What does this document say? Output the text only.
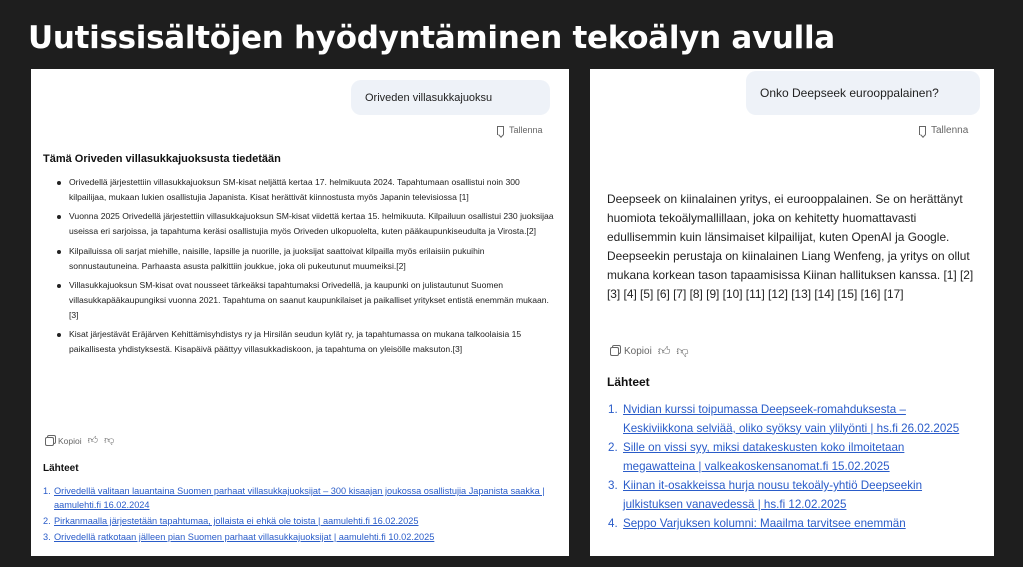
Uutissisältöjen hyödyntäminen tekoälyn avulla
Oriveden villasukkajuoksu
Tallenna
Tämä Oriveden villasukkajuoksusta tiedetään
Orivedellä järjestettiin villasukkajuoksun SM-kisat neljättä kertaa 17. helmikuuta 2024. Tapahtumaan osallistui noin 300 kilpailijaa, mukaan lukien osallistujia Japanista. Kisat herättivät kiinnostusta myös Japanin televisiossa [1]
Vuonna 2025 Orivedellä järjestettiin villasukkajuoksun SM-kisat viidettä kertaa 15. helmikuuta. Kilpailuun osallistui 230 juoksijaa useissa eri sarjoissa, ja tapahtuma keräsi osallistujia myös Oriveden ulkopuolelta, kuten pääkaupunkiseudulta ja Virosta.[2]
Kilpailuissa oli sarjat miehille, naisille, lapsille ja nuorille, ja juoksijat saattoivat kilpailla myös erilaisiin pukuihin sonnustautuneina. Parhaasta asusta palkittiin joukkue, joka oli pukeutunut muumeiksi.[2]
Villasukkajuoksun SM-kisat ovat nousseet tärkeäksi tapahtumaksi Orivedellä, ja kaupunki on julistautunut Suomen villasukkapääkaupungiksi vuonna 2021. Tapahtuma on saanut kaupunkilaiset ja paikalliset yritykset entistä enemmän mukaan.[3]
Kisat järjestävät Eräjärven Kehittämisyhdistys ry ja Hirsilän seudun kylät ry, ja tapahtumassa on mukana talkoolaisia 15 paikallisesta yhdistyksestä. Kisapäivä päättyy villasukkadiskoon, ja tapahtuma on yleisölle maksuton.[3]
Kopioi 👍︎ 👎︎
Lähteet
1. Orivedellä valitaan lauantaina Suomen parhaat villasukkajuoksijat – 300 kisaajan joukossa osallistujia Japanista saakka | aamulehti.fi 16.02.2024
2. Pirkanmaalla järjestetään tapahtumaa, jollaista ei ehkä ole toista | aamulehti.fi 16.02.2025
3. Orivedellä ratkotaan jälleen pian Suomen parhaat villasukkajuoksijat | aamulehti.fi 10.02.2025
Onko Deepseek eurooppalainen?
Tallenna
Deepseek on kiinalainen yritys, ei eurooppalainen. Se on herättänyt huomiota tekoälymallillaan, joka on kehitetty huomattavasti edullisemmin kuin länsimaiset kilpailijat, kuten OpenAI ja Google. Deepseekin perustaja on kiinalainen Liang Wenfeng, ja yritys on ollut mukana korkean tason tapaamisissa Kiinan hallituksen kanssa. [1] [2] [3] [4] [5] [6] [7] [8] [9] [10] [11] [12] [13] [14] [15] [16] [17]
Kopioi 👍︎ 👎︎
Lähteet
1. Nvidian kurssi toipumassa Deepseek-romahduksesta – Keskiviikkona selviää, oliko syöksy vain ylilyönti | hs.fi 26.02.2025
2. Sille on vissi syy, miksi datakeskusten koko ilmoitetaan megawatteina | valkeakoskensanomat.fi 15.02.2025
3. Kiinan it-osakkeissa hurja nousu tekoäly-yhtiö Deepseekin julkistuksen vanavedessä | hs.fi 12.02.2025
4. Seppo Varjuksen kolumni: Maailma tarvitsee enemmän
